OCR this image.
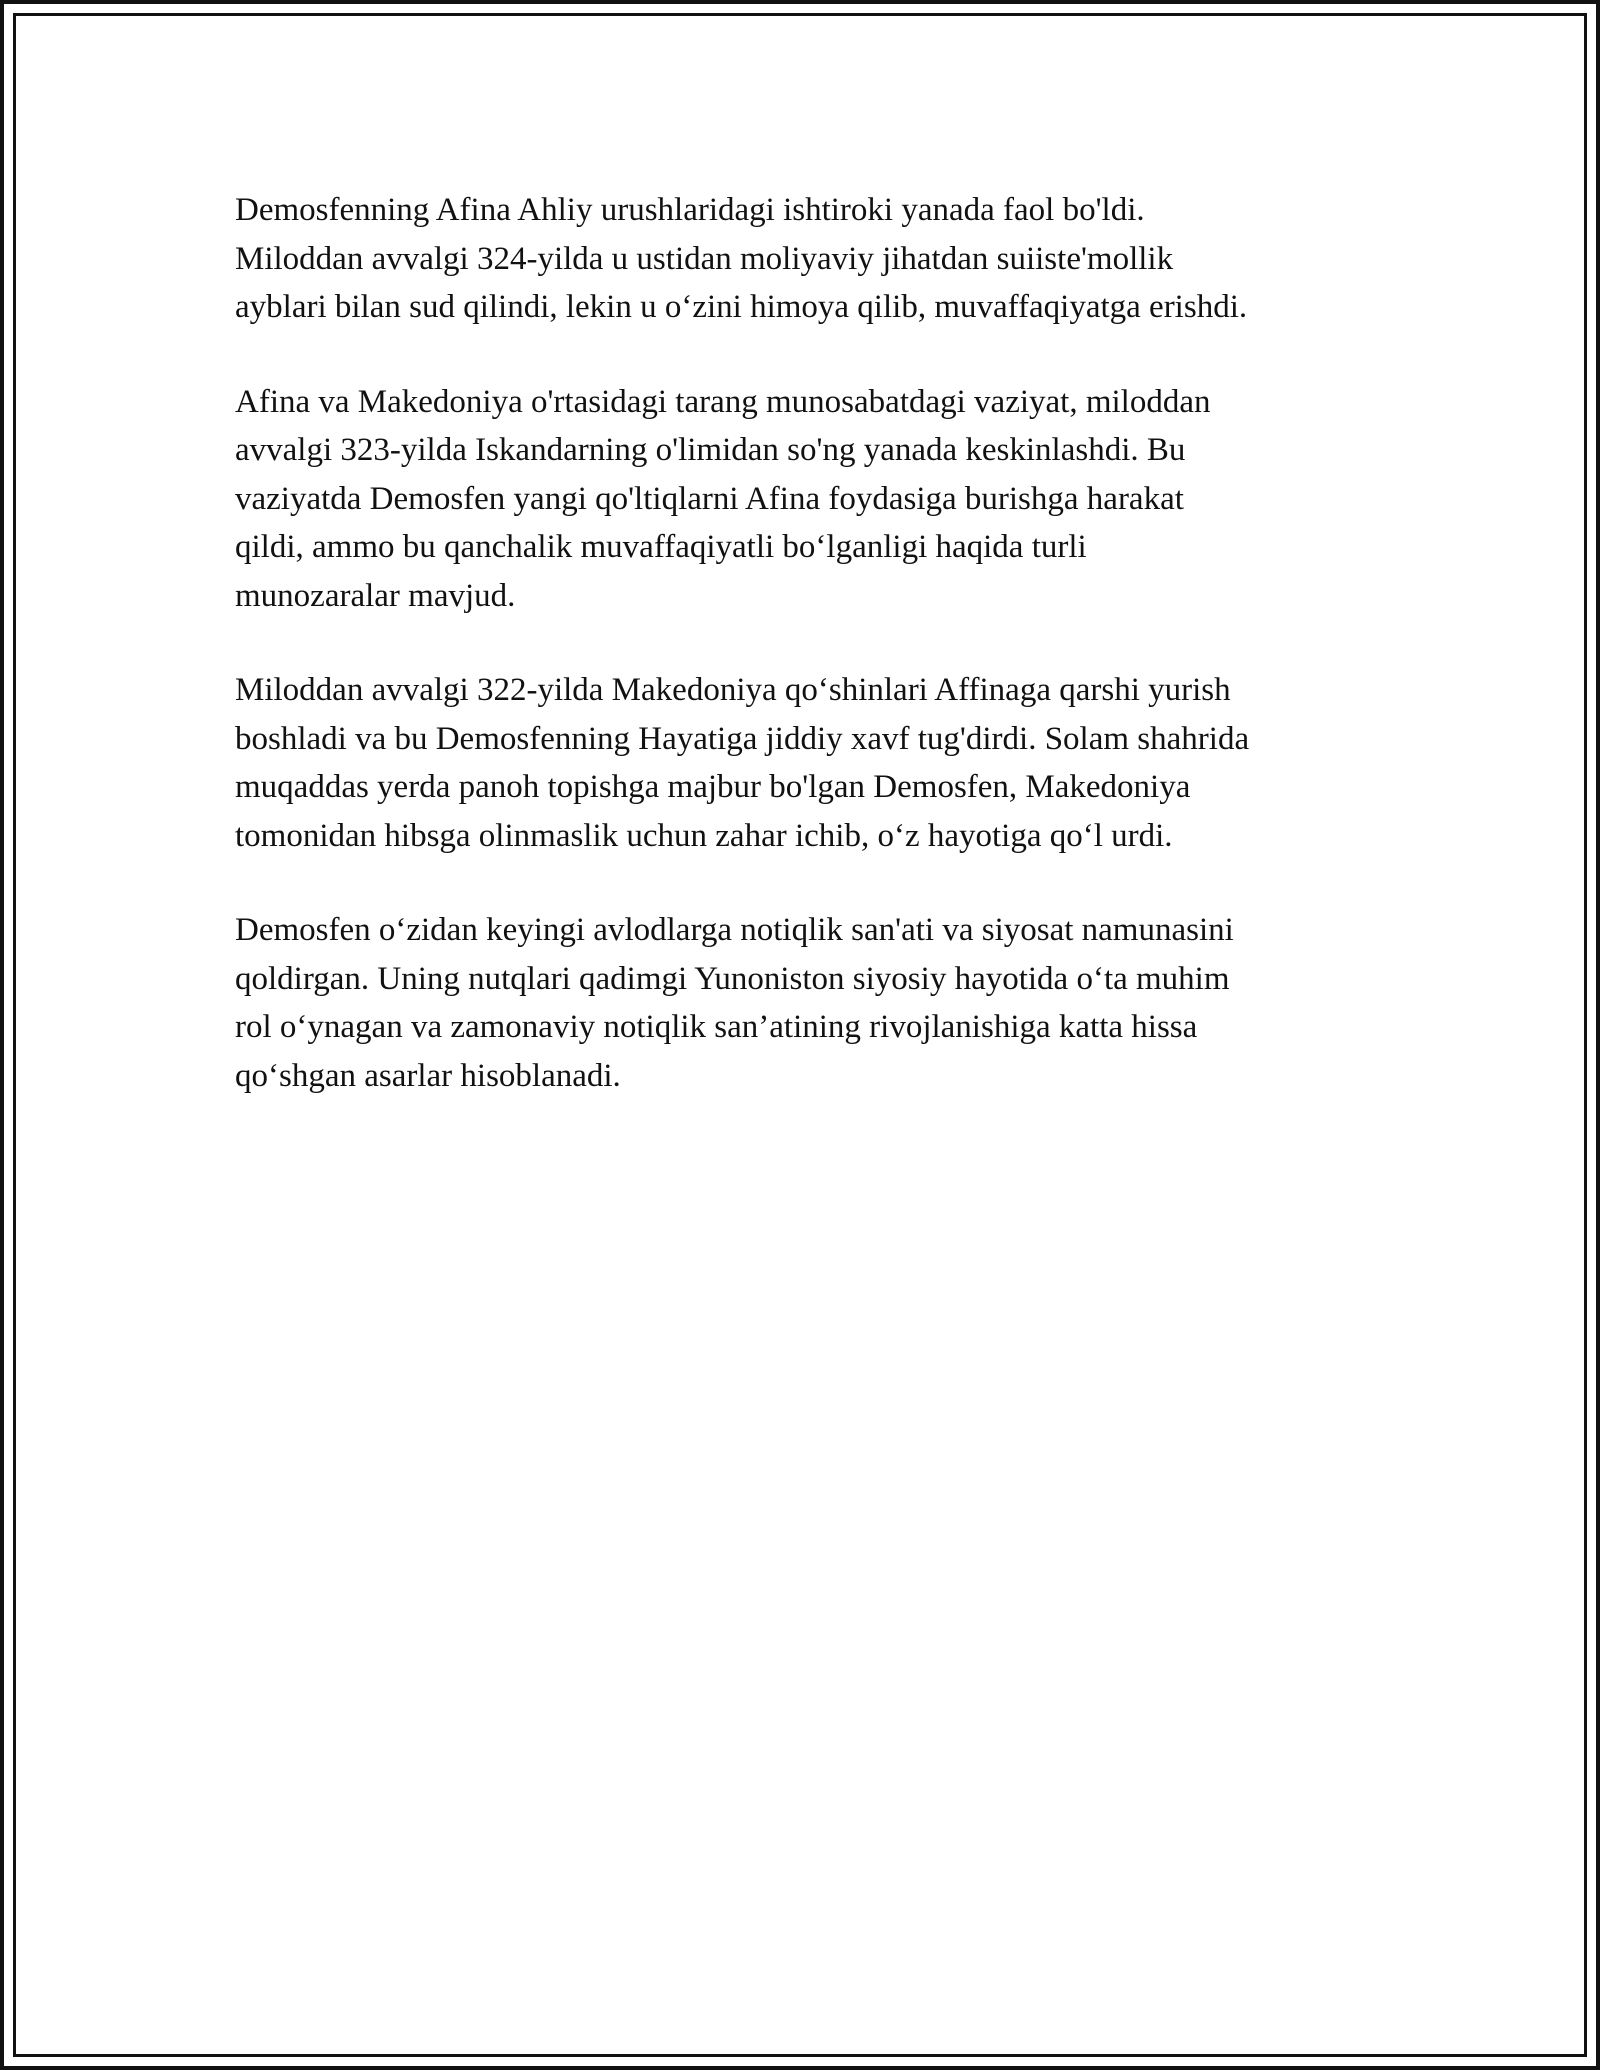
Demosfenning Afina Ahliy urushlaridagi ishtiroki yanada faol bo'ldi.
Miloddan avvalgi 324-yilda u ustidan moliyaviy jihatdan suiiste'mollik
ayblari bilan sud qilindi, lekin u o‘zini himoya qilib, muvaffaqiyatga erishdi.

Afina va Makedoniya o'rtasidagi tarang munosabatdagi vaziyat, miloddan
avvalgi 323-yilda Iskandarning o'limidan so'ng yanada keskinlashdi. Bu
vaziyatda Demosfen yangi qo'ltiqlarni Afina foydasiga burishga harakat
qildi, ammo bu qanchalik muvaffaqiyatli bo‘lganligi haqida turli
munozaralar mavjud.

Miloddan avvalgi 322-yilda Makedoniya qo‘shinlari Affinaga qarshi yurish
boshladi va bu Demosfenning Hayatiga jiddiy xavf tug'dirdi. Solam shahrida
muqaddas yerda panoh topishga majbur bo'lgan Demosfen, Makedoniya
tomonidan hibsga olinmaslik uchun zahar ichib, o‘z hayotiga qo‘l urdi.

Demosfen o‘zidan keyingi avlodlarga notiqlik san'ati va siyosat namunasini
qoldirgan. Uning nutqlari qadimgi Yunoniston siyosiy hayotida o‘ta muhim
rol o‘ynagan va zamonaviy notiqlik san’atining rivojlanishiga katta hissa
qo‘shgan asarlar hisoblanadi.
